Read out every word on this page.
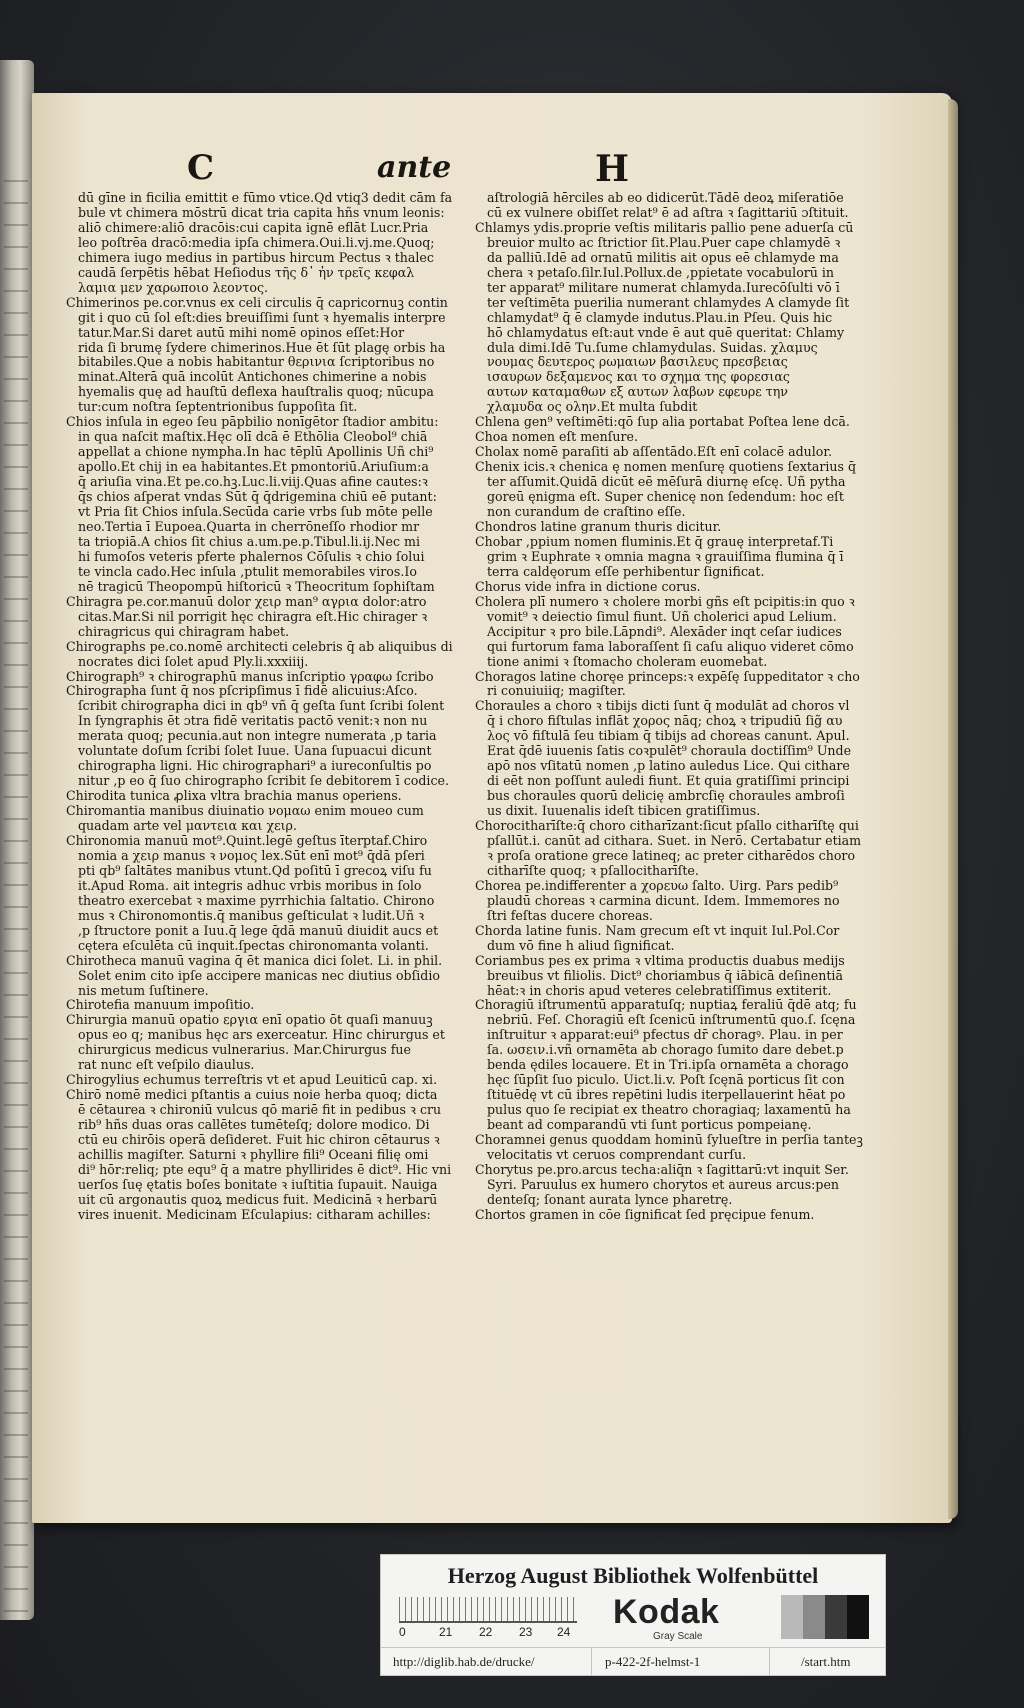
C	ante	H
dū gīne in ficilia emittit e fūmo vtice.Qd vtiq3 dedit cām fa
bule vt chimera mōstrū dicat tria capita hñs vnum leonis:
aliō chimere:aliō dracōis:cui capita ignē eflāt Lucr.Pria
leo poſtrēa dracō:media ipſa chimera.Oui.li.vj.me.Quoq;
chimera iugo medius in partibus hircum Pectus ꝛ thalec
caudā ſerpētis hēbat Heſiodus τῆς δ᾽ ἦν τρεῖς κεφαλ
λαμια μεν χαρωποιο λεοντος.
Chimerinos pe.cor.vnus ex celi circulis q̄ capricornuꝫ contin
git i quo cū ſol eſt:dies breuiſſimi ſunt ꝛ hyemalis interpre
tatur.Mar.Si daret autū mihi nomē opinos eſſet:Hor
rida ſi brumę ſydere chimerinos.Hue ēt ſūt plagę orbis ha
bitabiles.Que a nobis habitantur θερινια ſcriptoribus no
minat.Alterā quā incolūt Antichones chimerine a nobis
hyemalis quę ad hauſtū deflexa hauſtralis quoq; nūcupa
tur:cum noſtra ſeptentrionibus ſuppoſita ſit.
Chios inſula in egeo ſeu pāpbilio nonīgētor ſtadior ambitu:
in qua naſcit maſtix.Hęc olī dcā ē Ethōlia Cleobol⁹ chiā
appellat a chione nympha.In hac tēplū Apollinis Uñ chi⁹
apollo.Et chij in ea habitantes.Et pmontoriū.Ariuſium:a
q̄ ariuſia vina.Et pe.co.hꝫ.Luc.li.viij.Quas afine cautes:ꝛ
q̄s chios aſperat vndas Sūt q̄ q̄drigemina chiū eē putant:
vt Pria ſit Chios inſula.Secūda carie vrbs ſub mōte pelle
neo.Tertia ī Eupoea.Quarta in cherrōneſſo rhodior mr
ta triopiā.A chios ſit chius a.um.pe.p.Tibul.li.ij.Nec mi
hi fumoſos veteris pferte phalernos Cōſulis ꝛ chio ſolui
te vincla cado.Hec inſula ,ptulit memorabiles viros.Io
nē tragicū Theopompū hiſtoricū ꝛ Theocritum ſophiſtam
Chiragra pe.cor.manuū dolor χειρ man⁹ αγρια dolor:atro
citas.Mar.Si nil porrigit hęc chiragra eſt.Hic chirager ꝛ
chiragricus qui chiragram habet.
Chirographs pe.co.nomē architecti celebris q̄ ab aliquibus di
nocrates dici ſolet apud Ply.li.xxxiiij.
Chirograph⁹ ꝛ chirographū manus inſcriptio γραφω ſcribo
Chirographa ſunt q̄ nos pſcripſimus ī fidē alicuius:Aſco.
ſcribit chirographa dici in qb⁹ vñ q̄ geſta ſunt ſcribi ſolent
In ſyngraphis ēt ɔtra fidē veritatis pactō venit:ꝛ non nu
merata quoq; pecunia.aut non integre numerata ,p taria
voluntate doſum ſcribi ſolet Iuue. Uana ſupuacui dicunt
chirographa ligni. Hic chirographari⁹ a iureconſultis po
nitur ,p eo q̄ ſuo chirographo ſcribit ſe debitorem ī codice.
Chirodita tunica ꝓlixa vltra brachia manus operiens.
Chiromantia manibus diuinatio νομαω enim moueo cum
quadam arte vel μαντεια και χειρ.
Chironomia manuū mot⁹.Quint.legē geſtus īterptaf.Chiro
nomia a χειρ manus ꝛ νομος lex.Sūt enī mot⁹ q̄dā pſeri
pti qb⁹ ſaltātes manibus vtunt.Qd poſitū ī grecoꝝ viſu fu
it.Apud Roma. ait integris adhuc vrbis moribus in ſolo
theatro exercebat ꝛ maxime pyrrhichia ſaltatio. Chirono
mus ꝛ Chironomontis.q̄ manibus geſticulat ꝛ ludit.Uñ ꝛ
,p ſtructore ponit a Iuu.q̄ lege q̄dā manuū diuidit aucs et
cętera eſculēta cū inquit.ſpectas chironomanta volanti.
Chirotheca manuū vagina q̄ ēt manica dici ſolet. Li. in phil.
Solet enim cito ipſe accipere manicas nec diutius obſidio
nis metum ſuſtinere.
Chirotefia manuum impoſitio.
Chirurgia manuū opatio εργια enī opatio ōt quaſi manuuꝫ
opus eo q; manibus hęc ars exerceatur. Hinc chirurgus et
chirurgicus medicus vulnerarius. Mar.Chirurgus fue
rat nunc eſt veſpilo diaulus.
Chirogylius echumus terreſtris vt et apud Leuiticū cap. xi.
Chirō nomē medici pſtantis a cuius noie herba quoq; dicta
ē cētaurea ꝛ chironiū vulcus qō mariē fit in pedibus ꝛ cru
rib⁹ hñs duas oras callētes tumēteſq; dolore modico. Di
ctū eu chirōis operā deſideret. Fuit hic chiron cētaurus ꝛ
achillis magiſter. Saturni ꝛ phyllire fili⁹ Oceani filię omi
di⁹ hōr:reliq; pte equ⁹ q̄ a matre phyllirides ē dict⁹. Hic vni
uerſos ſuę ętatis boſes bonitate ꝛ iuſtitia ſupauit. Nauiga
uit cū argonautis quoꝝ medicus fuit. Medicinā ꝛ herbarū
vires inuenit. Medicinam Eſculapius: citharam achilles:
aſtrologiā hērciles ab eo didicerūt.Tādē deoꝝ miſeratiōe
cū ex vulnere obiſſet relat⁹ ē ad aſtra ꝛ ſagittariū ɔſtituit.
Chlamys ydis.proprie veſtis militaris pallio pene aduerſa cū
breuior multo ac ſtrictior ſit.Plau.Puer cape chlamydē ꝛ
da palliū.Idē ad ornatū militis ait opus eē chlamyde ma
chera ꝛ petaſo.ſilr.Iul.Pollux.de ,ppietate vocabulorū in
ter apparat⁹ militare numerat chlamyda.Iurecōſulti vō ī
ter veſtimēta puerilia numerant chlamydes A clamyde ſit
chlamydat⁹ q̄ ē clamyde indutus.Plau.in Pſeu. Quis hic
hō chlamydatus eſt:aut vnde ē aut quē queritat: Chlamy
dula dimi.Idē Tu.ſume chlamydulas. Suidas. χλαμυς
νουμας δευτερος ρωμαιων βασιλευς πρεσβειας
ισαυρων δεξαμενος και το σχημα της φορεσιας
αυτων καταμαθων εξ αυτων λαβων εφευρε την
χλαμυδα ος ολην.Et multa ſubdit
Chlena gen⁹ veſtimēti:qō ſup alia portabat Poſtea lene dcā.
Choa nomen eſt menſure.
Cholax nomē paraſiti ab aſſentādo.Eſt enī colacē adulor.
Chenix icis.ꝛ chenica ę nomen menſurę quotiens ſextarius q̄
ter aſſumit.Quidā dicūt eē mēſurā diurnę eſcę. Uñ pytha
goreū ęnigma eſt. Super chenicę non ſedendum: hoc eſt
non curandum de craſtino eſſe.
Chondros latine granum thuris dicitur.
Chobar ,ppium nomen fluminis.Et q̄ grauę interpretaf.Ti
grim ꝛ Euphrate ꝛ omnia magna ꝛ grauiſſima flumina q̄ ī
terra caldęorum eſſe perhibentur ſignificat.
Chorus vide infra in dictione corus.
Cholera plī numero ꝛ cholere morbi gñs eſt pcipitis:in quo ꝛ
vomit⁹ ꝛ deiectio ſimul fiunt. Uñ cholerici apud Lelium.
Accipitur ꝛ pro bile.Lāpndi⁹. Alexāder inqt ceſar iudices
qui furtorum fama laboraſſent ſi caſu aliquo videret cōmo
tione animi ꝛ ſtomacho choleram euomebat.
Choragos latine choręe princeps:ꝛ expēſę ſuppeditator ꝛ cho
ri conuiuiiq; magiſter.
Choraules a choro ꝛ tibijs dicti ſunt q̄ modulāt ad choros vl̄
q̄ i choro fiſtulas inflāt χορος nāq; choꝝ ꝛ tripudiū ſig̃ αυ
λος vō fiſtulā ſeu tibiam q̄ tibijs ad choreas canunt. Apul.
Erat q̄dē iuuenis ſatis coꝛpulēt⁹ choraula doctiſſim⁹ Unde
apō nos vſitatū nomen ,p latino auledus Lice. Qui cithare
di eēt non poſſunt auledi fiunt. Et quia gratiſſimi principi
bus choraules quorū delicię ambrcſię choraules ambroſi
us dixit. Iuuenalis ideſt tibicen gratiſſimus.
Chorocitharīſte:q̄ choro citharīzant:ſicut pſallo citharīſtę qui
pſallūt.i. canūt ad cithara. Suet. in Nerō. Certabatur etiam
ꝛ proſa oratione grece latineq; ac preter citharēdos choro
citharīſte quoq; ꝛ pſallocitharīſte.
Chorea pe.indifferenter a χορευω ſalto. Uirg. Pars pedib⁹
plaudū choreas ꝛ carmina dicunt. Idem. Immemores no
ſtri feſtas ducere choreas.
Chorda latine funis. Nam grecum eſt vt inquit Iul.Pol.Cor
dum vō fine h aliud ſignificat.
Coriambus pes ex prima ꝛ vltima productis duabus medijs
breuibus vt filiolis. Dict⁹ choriambus q̄ iābicā deſinentiā
hēat:ꝛ in choris apud veteres celebratiſſimus extiterit.
Choragiū iſtrumentū apparatuſq; nuptiaꝝ feraliū q̄dē atq; fu
nebriū. Feſ. Choragiū eſt ſcenicū inſtrumentū quo.ſ. ſcęna
inſtruitur ꝛ apparat:eui⁹ pfectus dr̄ choragꝰ. Plau. in per
ſa. ωσειν.i.vñ ornamēta ab chorago ſumito dare debet.p
benda ędiles locauere. Et in Tri.ipſa ornamēta a chorago
hęc ſūpſit ſuo piculo. Uict.li.v. Poſt ſcęnā porticus ſit con
ſtituēdę vt cū ibres repētini ludis iterpellauerint hēat po
pulus quo ſe recipiat ex theatro choragiaq; laxamentū ha
beant ad comparandū vti ſunt porticus pompeianę.
Choramnei genus quoddam hominū ſylueſtre in perſia tanteꝫ
velocitatis vt ceruos comprendant curſu.
Chorytus pe.pro.arcus techa:aliq̄n ꝛ ſagittarū:vt inquit Ser.
Syri. Paruulus ex humero chorytos et aureus arcus:pen
denteſq; ſonant aurata lynce pharetrę.
Chortos gramen in cōe ſignificat ſed pręcipue fenum.
Herzog August Bibliothek Wolfenbüttel
0	21 22 23 24
Kodak
Gray Scale
http://diglib.hab.de/drucke/	p-422-2f-helmst-1	/start.htm
